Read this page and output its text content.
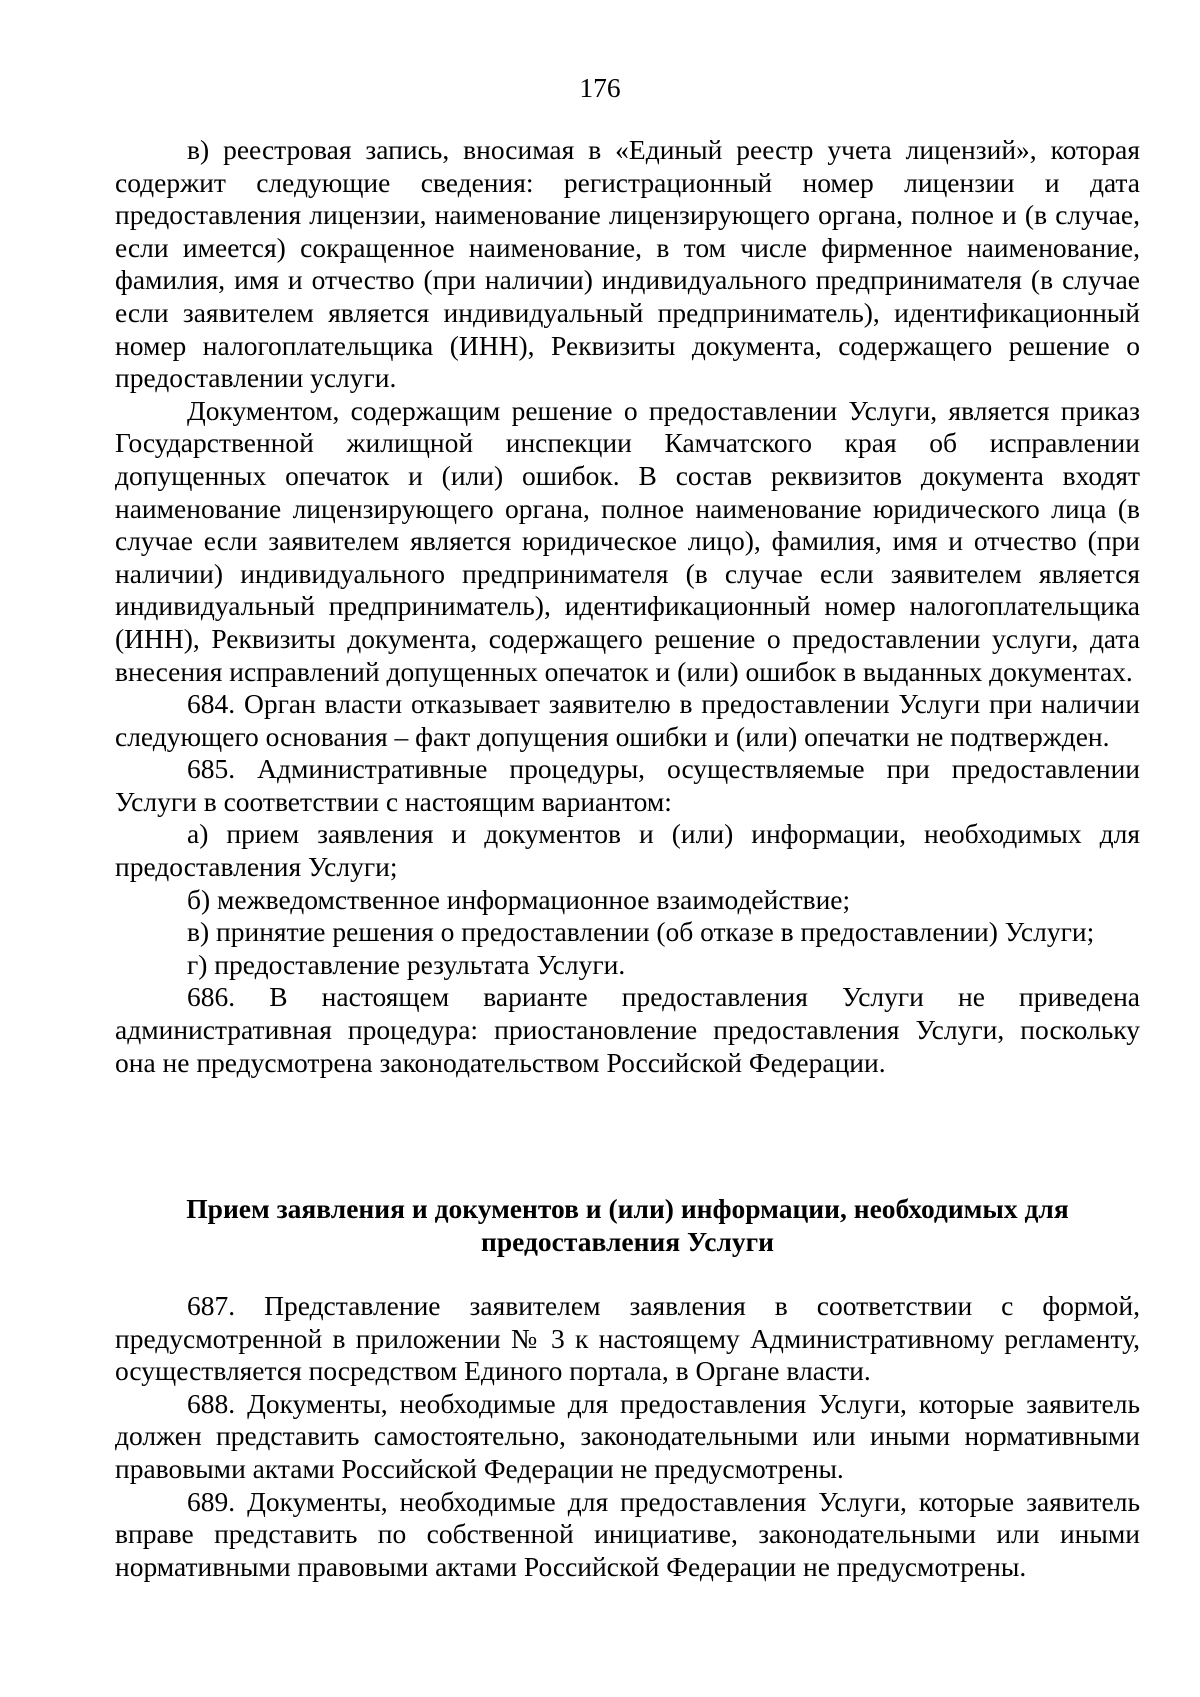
176

в) реестровая запись, вносимая в «Единый реестр учета лицензий», которая содержит следующие сведения: регистрационный номер лицензии и дата предоставления лицензии, наименование лицензирующего органа, полное и (в случае, если имеется) сокращенное наименование, в том числе фирменное наименование, фамилия, имя и отчество (при наличии) индивидуального предпринимателя (в случае если заявителем является индивидуальный предприниматель), идентификационный номер налогоплательщика (ИНН), Реквизиты документа, содержащего решение о предоставлении услуги.

Документом, содержащим решение о предоставлении Услуги, является приказ Государственной жилищной инспекции Камчатского края об исправлении допущенных опечаток и (или) ошибок. В состав реквизитов документа входят наименование лицензирующего органа, полное наименование юридического лица (в случае если заявителем является юридическое лицо), фамилия, имя и отчество (при наличии) индивидуального предпринимателя (в случае если заявителем является индивидуальный предприниматель), идентификационный номер налогоплательщика (ИНН), Реквизиты документа, содержащего решение о предоставлении услуги, дата внесения исправлений допущенных опечаток и (или) ошибок в выданных документах.

684. Орган власти отказывает заявителю в предоставлении Услуги при наличии следующего основания – факт допущения ошибки и (или) опечатки не подтвержден.

685. Административные процедуры, осуществляемые при предоставлении Услуги в соответствии с настоящим вариантом:

а) прием заявления и документов и (или) информации, необходимых для предоставления Услуги;

б) межведомственное информационное взаимодействие;

в) принятие решения о предоставлении (об отказе в предоставлении) Услуги;

г) предоставление результата Услуги.

686. В настоящем варианте предоставления Услуги не приведена административная процедура: приостановление предоставления Услуги, поскольку она не предусмотрена законодательством Российской Федерации.

Прием заявления и документов и (или) информации, необходимых для предоставления Услуги

687. Представление заявителем заявления в соответствии с формой, предусмотренной в приложении № 3 к настоящему Административному регламенту, осуществляется посредством Единого портала, в Органе власти.

688. Документы, необходимые для предоставления Услуги, которые заявитель должен представить самостоятельно, законодательными или иными нормативными правовыми актами Российской Федерации не предусмотрены.

689. Документы, необходимые для предоставления Услуги, которые заявитель вправе представить по собственной инициативе, законодательными или иными нормативными правовыми актами Российской Федерации не предусмотрены.
